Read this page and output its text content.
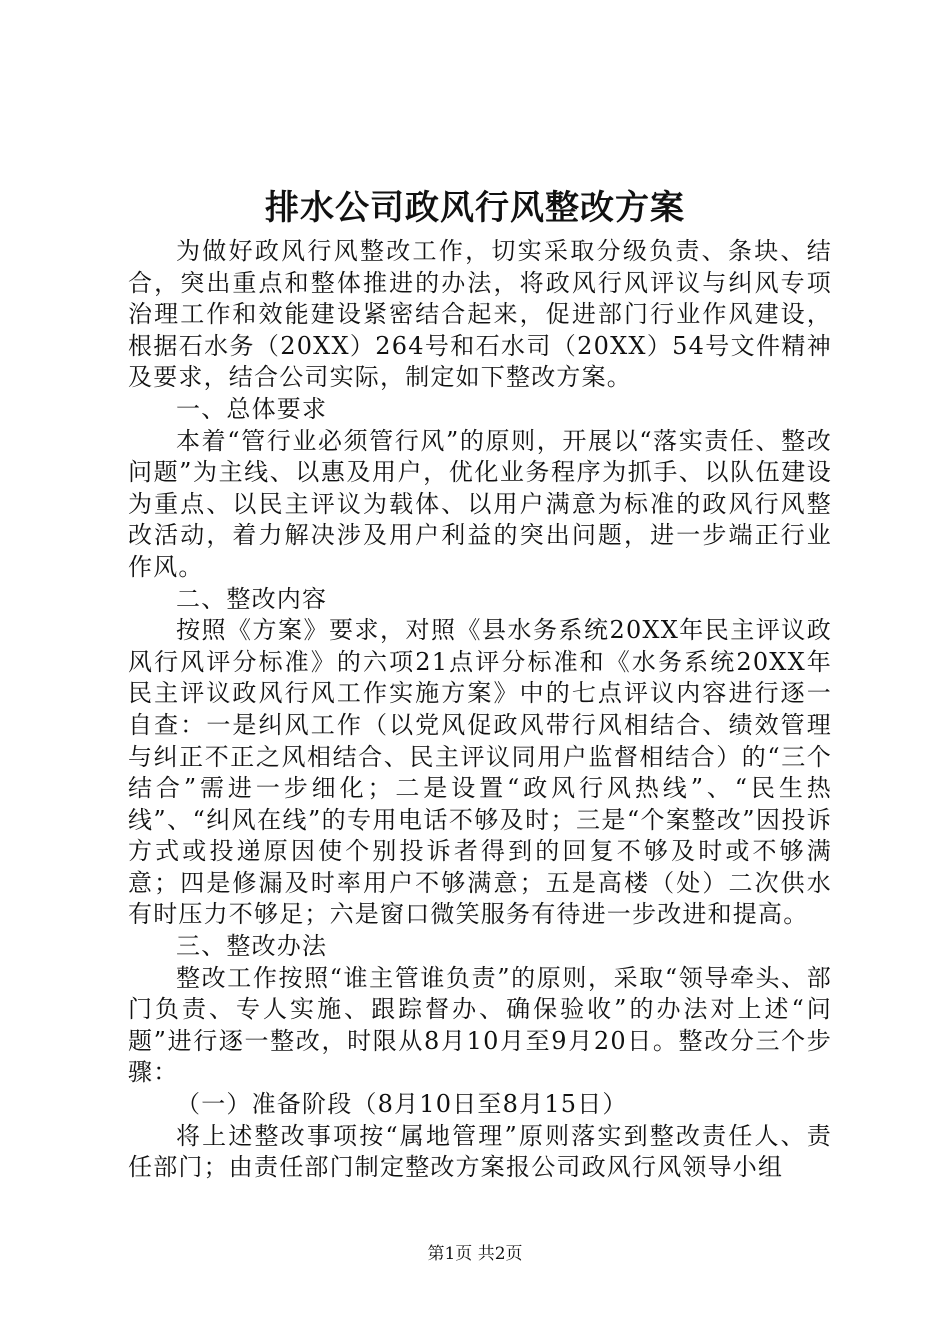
排水公司政风行风整改方案

为做好政风行风整改工作，切实采取分级负责、条块、结合，突出重点和整体推进的办法，将政风行风评议与纠风专项治理工作和效能建设紧密结合起来，促进部门行业作风建设，根据石水务（20XX）264号和石水司（20XX）54号文件精神及要求，结合公司实际，制定如下整改方案。

一、总体要求

本着“管行业必须管行风”的原则，开展以“落实责任、整改问题”为主线、以惠及用户，优化业务程序为抓手、以队伍建设为重点、以民主评议为载体、以用户满意为标准的政风行风整改活动，着力解决涉及用户利益的突出问题，进一步端正行业作风。

二、整改内容

按照《方案》要求，对照《县水务系统20XX年民主评议政风行风评分标准》的六项21点评分标准和《水务系统20XX年民主评议政风行风工作实施方案》中的七点评议内容进行逐一自查：一是纠风工作（以党风促政风带行风相结合、绩效管理与纠正不正之风相结合、民主评议同用户监督相结合）的“三个结合”需进一步细化；二是设置“政风行风热线”、“民生热线”、“纠风在线”的专用电话不够及时；三是“个案整改”因投诉方式或投递原因使个别投诉者得到的回复不够及时或不够满意；四是修漏及时率用户不够满意；五是高楼（处）二次供水有时压力不够足；六是窗口微笑服务有待进一步改进和提高。

三、整改办法

整改工作按照“谁主管谁负责”的原则，采取“领导牵头、部门负责、专人实施、跟踪督办、确保验收”的办法对上述“问题”进行逐一整改，时限从8月10月至9月20日。整改分三个步骤：

（一）准备阶段（8月10日至8月15日）

将上述整改事项按“属地管理”原则落实到整改责任人、责任部门；由责任部门制定整改方案报公司政风行风领导小组

第1页 共2页
